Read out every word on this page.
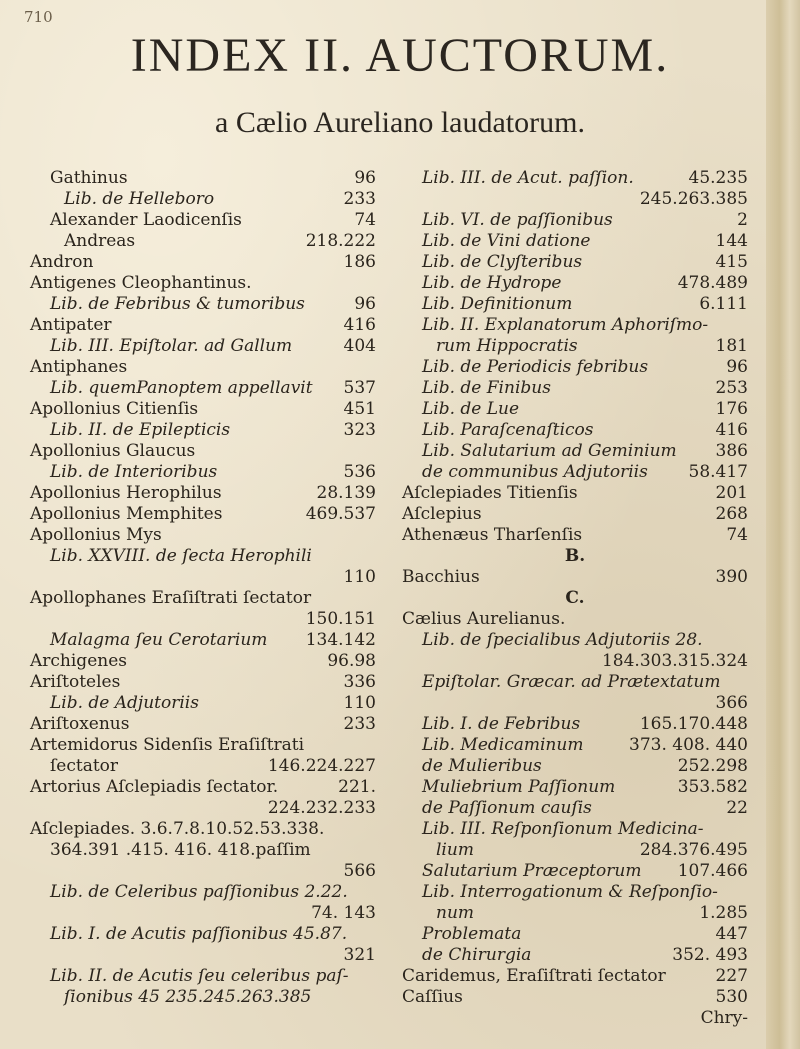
710
INDEX II. AUCTORUM.
a Cælio Aureliano laudatorum.
Gathinus	96
Lib. de Helleboro	233
Alexander Laodicenſis	74
Andreas	218.222
Andron	186
Antigenes Cleophantinus.
Lib. de Febribus & tumoribus	96
Antipater	416
Lib. III. Epiſtolar. ad Gallum	404
Antiphanes
Lib. quemPanoptem appellavit	537
Apollonius Citienſis	451
Lib. II. de Epilepticis	323
Apollonius Glaucus
Lib. de Interioribus	536
Apollonius Herophilus	28.139
Apollonius Memphites	469.537
Apollonius Mys
Lib. XXVIII. de ſecta Herophili

110
Apollophanes Eraſiſtrati ſectator

150.151
Malagma ſeu Cerotarium	134.142
Archigenes	96.98
Ariſtoteles	336
Lib. de Adjutoriis	110
Ariſtoxenus	233
Artemidorus Sidenſis Eraſiſtrati
ſectator	146.224.227
Artorius Aſclepiadis ſectator.	221.

224.232.233
Aſclepiades. 3.6.7.8.10.52.53.338.
364.391 .415. 416. 418.paſſim

566
Lib. de Celeribus paſſionibus 2.22.

74. 143
Lib. I. de Acutis paſſionibus 45.87.

321
Lib. II. de Acutis ſeu celeribus paſ-
ſionibus 45 235.245.263.385
Lib. III. de Acut. paſſion.	45.235

245.263.385
Lib. VI. de paſſionibus	2
Lib. de Vini datione	144
Lib. de Clyſteribus	415
Lib. de Hydrope	478.489
Lib. Definitionum	6.111
Lib. II. Explanatorum Aphoriſmo-
rum Hippocratis	181
Lib. de Periodicis febribus	96
Lib. de Finibus	253
Lib. de Lue	176
Lib. Paraſcenaſticos	416
Lib. Salutarium ad Geminium	386
de communibus Adjutoriis	58.417
Aſclepiades Titienſis	201
Aſclepius	268
Athenæus Tharſenſis	74
B.
Bacchius	390
C.
Cælius Aurelianus.
Lib. de ſpecialibus Adjutoriis 28.

184.303.315.324
Epiſtolar. Græcar. ad Prætextatum

366
Lib. I. de Febribus	165.170.448
Lib. Medicaminum	373. 408. 440
de Mulieribus	252.298
Muliebrium Paſſionum	353.582
de Paſſionum cauſis	22
Lib. III. Reſponſionum Medicina-
lium	284.376.495
Salutarium Præceptorum	107.466
Lib. Interrogationum & Reſponſio-
num	1.285
Problemata	447
de Chirurgia	352. 493
Caridemus, Eraſiſtrati ſectator	227
Caſſius	530

Chry-
